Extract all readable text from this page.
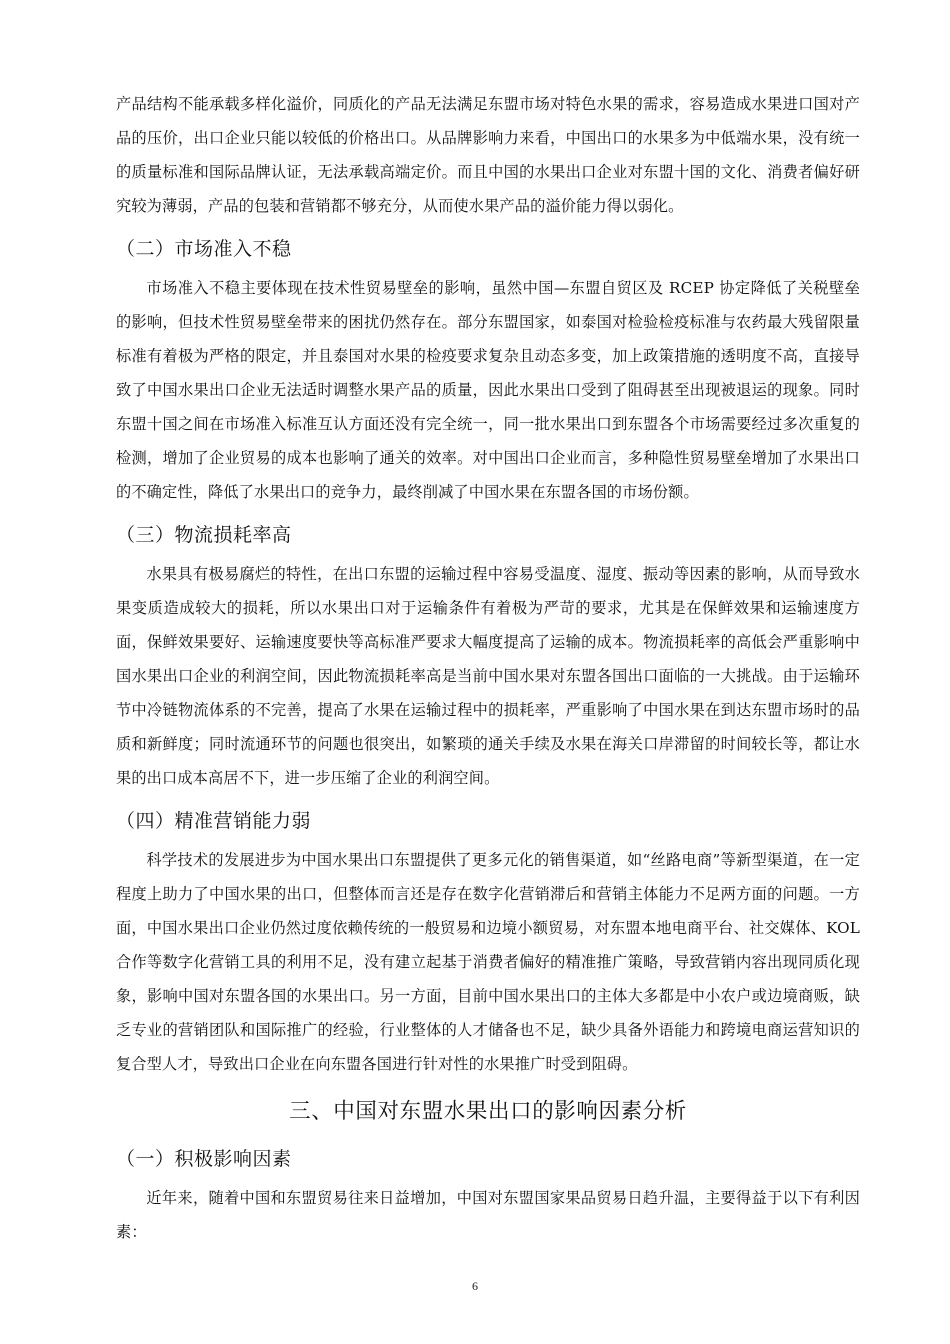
产品结构不能承载多样化溢价，同质化的产品无法满足东盟市场对特色水果的需求，容易造成水果进口国对产品的压价，出口企业只能以较低的价格出口。从品牌影响力来看，中国出口的水果多为中低端水果，没有统一的质量标准和国际品牌认证，无法承载高端定价。而且中国的水果出口企业对东盟十国的文化、消费者偏好研究较为薄弱，产品的包装和营销都不够充分，从而使水果产品的溢价能力得以弱化。

（二）市场准入不稳

市场准入不稳主要体现在技术性贸易壁垒的影响，虽然中国—东盟自贸区及 RCEP 协定降低了关税壁垒的影响，但技术性贸易壁垒带来的困扰仍然存在。部分东盟国家，如泰国对检验检疫标准与农药最大残留限量标准有着极为严格的限定，并且泰国对水果的检疫要求复杂且动态多变，加上政策措施的透明度不高，直接导致了中国水果出口企业无法适时调整水果产品的质量，因此水果出口受到了阻碍甚至出现被退运的现象。同时东盟十国之间在市场准入标准互认方面还没有完全统一，同一批水果出口到东盟各个市场需要经过多次重复的检测，增加了企业贸易的成本也影响了通关的效率。对中国出口企业而言，多种隐性贸易壁垒增加了水果出口的不确定性，降低了水果出口的竞争力，最终削减了中国水果在东盟各国的市场份额。

（三）物流损耗率高

水果具有极易腐烂的特性，在出口东盟的运输过程中容易受温度、湿度、振动等因素的影响，从而导致水果变质造成较大的损耗，所以水果出口对于运输条件有着极为严苛的要求，尤其是在保鲜效果和运输速度方面，保鲜效果要好、运输速度要快等高标准严要求大幅度提高了运输的成本。物流损耗率的高低会严重影响中国水果出口企业的利润空间，因此物流损耗率高是当前中国水果对东盟各国出口面临的一大挑战。由于运输环节中冷链物流体系的不完善，提高了水果在运输过程中的损耗率，严重影响了中国水果在到达东盟市场时的品质和新鲜度；同时流通环节的问题也很突出，如繁琐的通关手续及水果在海关口岸滞留的时间较长等，都让水果的出口成本高居不下，进一步压缩了企业的利润空间。

（四）精准营销能力弱

科学技术的发展进步为中国水果出口东盟提供了更多元化的销售渠道，如“丝路电商”等新型渠道，在一定程度上助力了中国水果的出口，但整体而言还是存在数字化营销滞后和营销主体能力不足两方面的问题。一方面，中国水果出口企业仍然过度依赖传统的一般贸易和边境小额贸易，对东盟本地电商平台、社交媒体、KOL 合作等数字化营销工具的利用不足，没有建立起基于消费者偏好的精准推广策略，导致营销内容出现同质化现象，影响中国对东盟各国的水果出口。另一方面，目前中国水果出口的主体大多都是中小农户或边境商贩，缺乏专业的营销团队和国际推广的经验，行业整体的人才储备也不足，缺少具备外语能力和跨境电商运营知识的复合型人才，导致出口企业在向东盟各国进行针对性的水果推广时受到阻碍。

三、中国对东盟水果出口的影响因素分析
（一）积极影响因素

近年来，随着中国和东盟贸易往来日益增加，中国对东盟国家果品贸易日趋升温，主要得益于以下有利因素：

6
